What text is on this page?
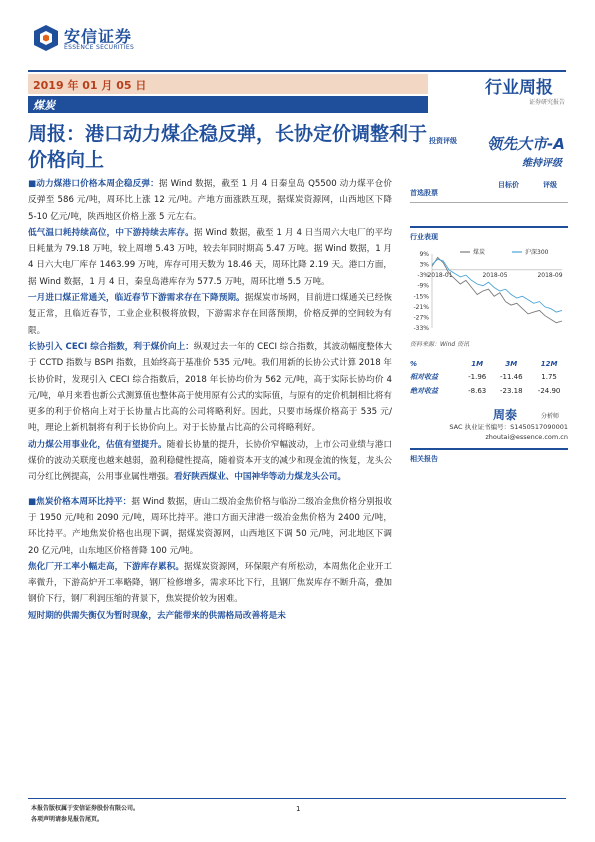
安信证券
ESSENCE SECURITIES
2019 年 01 月 05 日
煤炭
行业周报
证券研究报告
周报：港口动力煤企稳反弹，长协定价调整利于价格向上
投资评级 领先大市-A
维持评级

■动力煤港口价格本周企稳反弹：据 Wind 数据，截至 1 月 4 日秦皇岛 Q5500 动力煤平仓价反弹至 586 元/吨，周环比上涨 12 元/吨。产地方面涨跌互现，据煤炭资源网，山西地区下降 5-10 亿元/吨，陕西地区价格上涨 5 元左右。

低气温口耗持续高位，中下游持续去库存。据 Wind 数据，截至 1 月 4 日当周六大电厂的平均日耗量为 79.18 万吨，较上周增 5.43 万吨，较去年同时期高 5.47 万吨。据 Wind 数据，1 月 4 日六大电厂库存 1463.99 万吨，库存可用天数为 18.46 天，周环比降 2.19 天。港口方面，据 Wind 数据，1 月 4 日，秦皇岛港库存为 577.5 万吨，周环比增 5.5 万吨。

一月进口煤正常通关，临近春节下游需求存在下降预期。据煤炭市场网，目前进口煤通关已经恢复正常，且临近春节，工业企业积极将放假，下游需求存在回落预期，价格反弹的空间较为有限。

长协引入 CECI 综合指数，利于煤价向上：纵观过去一年的 CECI 综合指数，其波动幅度整体大于 CCTD 指数与 BSPI 指数，且始终高于基准价 535 元/吨。我们用新的长协公式计算 2018 年长协价时，发现引入 CECI 综合指数后，2018 年长协均价为 562 元/吨，高于实际长协均价 4 元/吨，单月来看也新公式测算值也整体高于使用原有公式的实际值，与原有的定价机制相比将有更多的利于价格向上对于长协量占比高的公司将略利好。因此，只要市场煤价格高于 535 元/吨，理论上新机制将有利于长协价向上。对于长协量占比高的公司将略利好。

动力煤公用事业化，估值有望提升。随着长协量的提升，长协价窄幅波动，上市公司业绩与港口煤价的波动关联度也越来越弱，盈利稳健性提高，随着资本开支的减少和现金流的恢复，龙头公司分红比例提高，公用事业属性增强。看好陕西煤业、中国神华等动力煤龙头公司。

■焦炭价格本周环比持平：据 Wind 数据，唐山二级冶金焦价格与临汾二级冶金焦价格分别报收于 1950 元/吨和 2090 元/吨，周环比持平。港口方面天津港一级冶金焦价格为 2400 元/吨，环比持平。产地焦炭价格也出现下调，据煤炭资源网，山西地区下调 50 元/吨，河北地区下调 20 亿元/吨，山东地区价格普降 100 元/吨。

焦化厂开工率小幅走高，下游库存累积。据煤炭资源网，环保限产有所松动，本周焦化企业开工率微升，下游高炉开工率略降，钢厂检修增多，需求环比下行，且钢厂焦炭库存不断升高，叠加钢价下行，钢厂利润压缩的背景下，焦炭提价较为困难。

短时期的供需失衡仅为暂时现象，去产能带来的供需格局改善将是未

首选股票
目标价	评级
行业表现
9%
3%
-3%
-9%
-15%
-21%
-27%
-33%
2018-01	2018-05	2018-09
煤炭	沪深300
资料来源：Wind 资讯
%	1M	3M	12M
相对收益	-1.96	-11.46	1.75
绝对收益	-8.63	-23.18	-24.90
周泰	分析师
SAC 执业证书编号：S1450517090001
zhoutai@essence.com.cn
相关报告
本报告版权属于安信证券股份有限公司。
各项声明请参见报告尾页。
1
